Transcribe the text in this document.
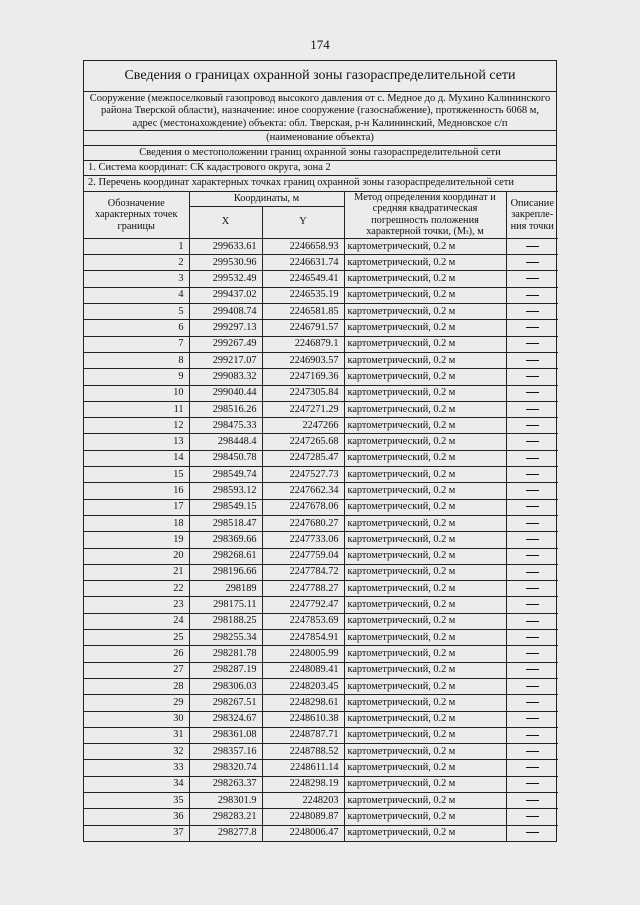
174
Сведения о границах охранной зоны газораспределительной сети
Сооружение (межпоселковый газопровод высокого давления от с. Медное до д. Мухино Калининского района Тверской области), назначение: иное сооружение (газоснабжение), протяженность 6068 м, адрес (местонахождение) объекта: обл. Тверская, р-н Калининский, Медновское с/п
(наименование объекта)
Сведения о местоположении границ охранной зоны газораспределительной сети
1. Система координат: СК кадастрового округа, зона 2
2. Перечень координат характерных точках границ охранной зоны газораспределительной сети
Обозначение характерных точек границы	Координаты, м		Метод определения координат и средняя квадратическая погрешность положения характерной точки, (Mₜ), м	Описание закрепле-ния точки
	X	Y		
1	299633.61	2246658.93	картометрический, 0.2 м	
2	299530.96	2246631.74	картометрический, 0.2 м	
3	299532.49	2246549.41	картометрический, 0.2 м	
4	299437.02	2246535.19	картометрический, 0.2 м	
5	299408.74	2246581.85	картометрический, 0.2 м	
6	299297.13	2246791.57	картометрический, 0.2 м	
7	299267.49	2246879.1	картометрический, 0.2 м	
8	299217.07	2246903.57	картометрический, 0.2 м	
9	299083.32	2247169.36	картометрический, 0.2 м	
10	299040.44	2247305.84	картометрический, 0.2 м	
11	298516.26	2247271.29	картометрический, 0.2 м	
12	298475.33	2247266	картометрический, 0.2 м	
13	298448.4	2247265.68	картометрический, 0.2 м	
14	298450.78	2247285.47	картометрический, 0.2 м	
15	298549.74	2247527.73	картометрический, 0.2 м	
16	298593.12	2247662.34	картометрический, 0.2 м	
17	298549.15	2247678.06	картометрический, 0.2 м	
18	298518.47	2247680.27	картометрический, 0.2 м	
19	298369.66	2247733.06	картометрический, 0.2 м	
20	298268.61	2247759.04	картометрический, 0.2 м	
21	298196.66	2247784.72	картометрический, 0.2 м	
22	298189	2247788.27	картометрический, 0.2 м	
23	298175.11	2247792.47	картометрический, 0.2 м	
24	298188.25	2247853.69	картометрический, 0.2 м	
25	298255.34	2247854.91	картометрический, 0.2 м	
26	298281.78	2248005.99	картометрический, 0.2 м	
27	298287.19	2248089.41	картометрический, 0.2 м	
28	298306.03	2248203.45	картометрический, 0.2 м	
29	298267.51	2248298.61	картометрический, 0.2 м	
30	298324.67	2248610.38	картометрический, 0.2 м	
31	298361.08	2248787.71	картометрический, 0.2 м	
32	298357.16	2248788.52	картометрический, 0.2 м	
33	298320.74	2248611.14	картометрический, 0.2 м	
34	298263.37	2248298.19	картометрический, 0.2 м	
35	298301.9	2248203	картометрический, 0.2 м	
36	298283.21	2248089.87	картометрический, 0.2 м	
37	298277.8	2248006.47	картометрический, 0.2 м	
